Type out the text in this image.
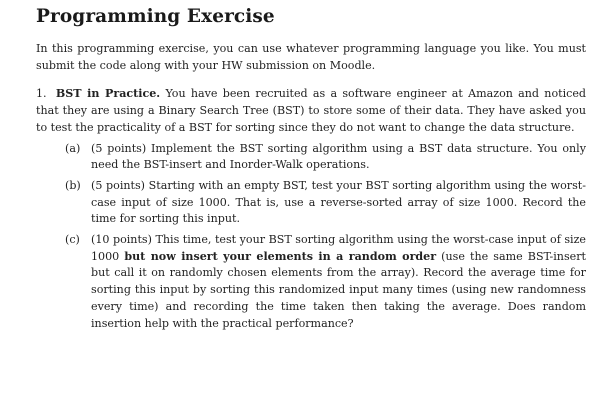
Programming Exercise

In this programming exercise, you can use whatever programming language you like. You must submit the code along with your HW submission on Moodle.

1. BST in Practice. You have been recruited as a software engineer at Amazon and noticed that they are using a Binary Search Tree (BST) to store some of their data. They have asked you to test the practicality of a BST for sorting since they do not want to change the data structure.

(a) (5 points) Implement the BST sorting algorithm using a BST data structure. You only need the BST-insert and Inorder-Walk operations.
(b) (5 points) Starting with an empty BST, test your BST sorting algorithm using the worst-case input of size 1000. That is, use a reverse-sorted array of size 1000. Record the time for sorting this input.
(c) (10 points) This time, test your BST sorting algorithm using the worst-case input of size 1000 but now insert your elements in a random order (use the same BST-insert but call it on randomly chosen elements from the array). Record the average time for sorting this input by sorting this randomized input many times (using new randomness every time) and recording the time taken then taking the average. Does random insertion help with the practical performance?
